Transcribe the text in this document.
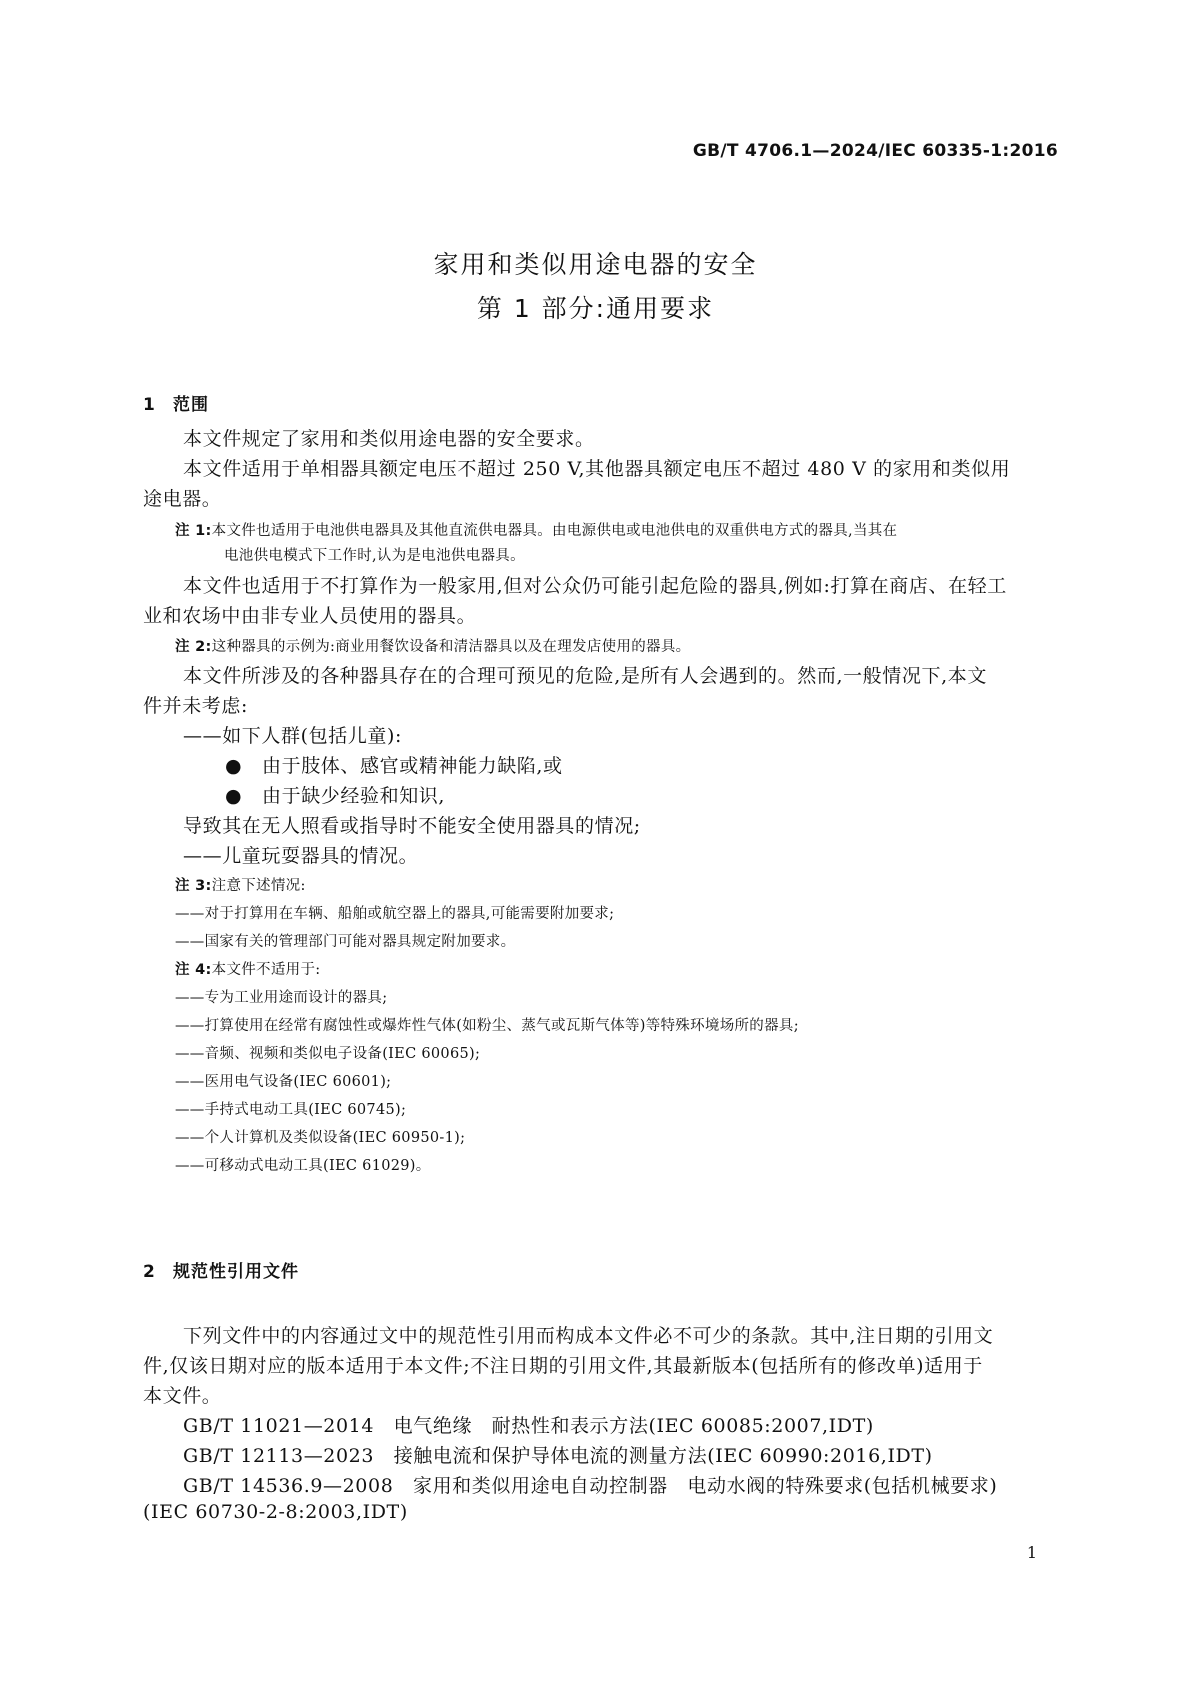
GB/T 4706.1—2024/IEC 60335-1:2016
家用和类似用途电器的安全
第 1 部分:通用要求
1 范围
本文件规定了家用和类似用途电器的安全要求。
本文件适用于单相器具额定电压不超过 250 V,其他器具额定电压不超过 480 V 的家用和类似用
途电器。
注 1:本文件也适用于电池供电器具及其他直流供电器具。由电源供电或电池供电的双重供电方式的器具,当其在
电池供电模式下工作时,认为是电池供电器具。
本文件也适用于不打算作为一般家用,但对公众仍可能引起危险的器具,例如:打算在商店、在轻工
业和农场中由非专业人员使用的器具。
注 2:这种器具的示例为:商业用餐饮设备和清洁器具以及在理发店使用的器具。
本文件所涉及的各种器具存在的合理可预见的危险,是所有人会遇到的。然而,一般情况下,本文
件并未考虑:
——如下人群(包括儿童):
● 由于肢体、感官或精神能力缺陷,或
● 由于缺少经验和知识,
导致其在无人照看或指导时不能安全使用器具的情况;
——儿童玩耍器具的情况。
注 3:注意下述情况:
——对于打算用在车辆、船舶或航空器上的器具,可能需要附加要求;
——国家有关的管理部门可能对器具规定附加要求。
注 4:本文件不适用于:
——专为工业用途而设计的器具;
——打算使用在经常有腐蚀性或爆炸性气体(如粉尘、蒸气或瓦斯气体等)等特殊环境场所的器具;
——音频、视频和类似电子设备(IEC 60065);
——医用电气设备(IEC 60601);
——手持式电动工具(IEC 60745);
——个人计算机及类似设备(IEC 60950-1);
——可移动式电动工具(IEC 61029)。
2 规范性引用文件
下列文件中的内容通过文中的规范性引用而构成本文件必不可少的条款。其中,注日期的引用文
件,仅该日期对应的版本适用于本文件;不注日期的引用文件,其最新版本(包括所有的修改单)适用于
本文件。
GB/T 11021—2014　电气绝缘　耐热性和表示方法(IEC 60085:2007,IDT)
GB/T 12113—2023　接触电流和保护导体电流的测量方法(IEC 60990:2016,IDT)
GB/T 14536.9—2008　家用和类似用途电自动控制器　电动水阀的特殊要求(包括机械要求)
(IEC 60730-2-8:2003,IDT)
1
